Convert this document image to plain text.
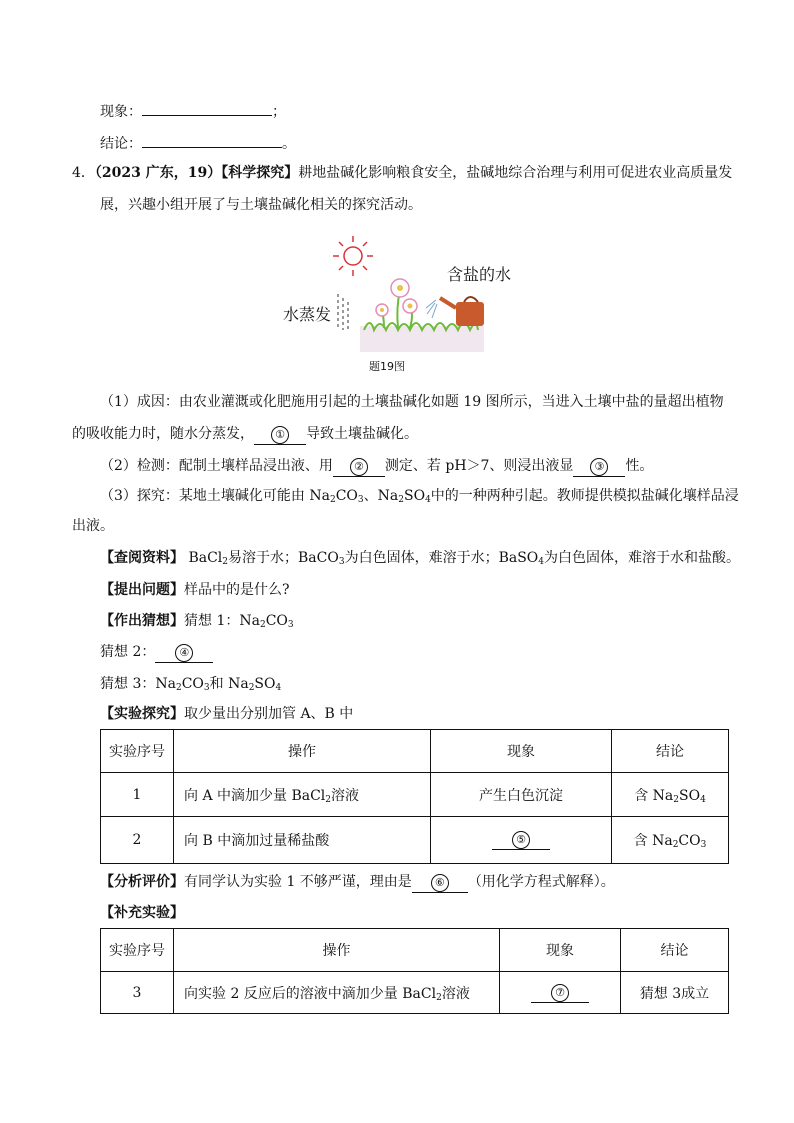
现象：	；
结论：	。
4．（2023 广东，19）【科学探究】耕地盐碱化影响粮食安全，盐碱地综合治理与利用可促进农业高质量发
展，兴趣小组开展了与土壤盐碱化相关的探究活动。
含盐的水
水蒸发
题19图
（1）成因：由农业灌溉或化肥施用引起的土壤盐碱化如题 19 图所示，当进入土壤中盐的量超出植物
的吸收能力时，随水分蒸发， ① 导致土壤盐碱化。
（2）检测：配制土壤样品浸出液、用 ② 测定、若 pH＞7、则浸出液显 ③ 性。
（3）探究：某地土壤碱化可能由 $Na_2CO_3$、$Na_2SO_4$中的一种两种引起。教师提供模拟盐碱化壤样品浸
出液。
【查阅资料】 BaCl$_2$易溶于水；BaCO$_3$为白色固体，难溶于水；BaSO$_4$为白色固体，难溶于水和盐酸。
【提出问题】样品中的是什么?
【作出猜想】猜想 1：$Na_2CO_3$
猜想 2： ④
猜想 3：$Na_2CO_3$和 $Na_2SO_4$
【实验探究】取少量出分别加管 A、B 中
实验序号	操作	现象	结论
1	向 A 中滴加少量 BaCl$_2$溶液	产生白色沉淀	含 $Na_2SO_4$
2	向 B 中滴加过量稀盐酸	⑤	含 $Na_2CO_3$
【分析评价】有同学认为实验 1 不够严谨，理由是 ⑥ （用化学方程式解释）。
【补充实验】
实验序号	操作	现象	结论
3	向实验 2 反应后的溶液中滴加少量 BaCl$_2$溶液	⑦	猜想 3成立
